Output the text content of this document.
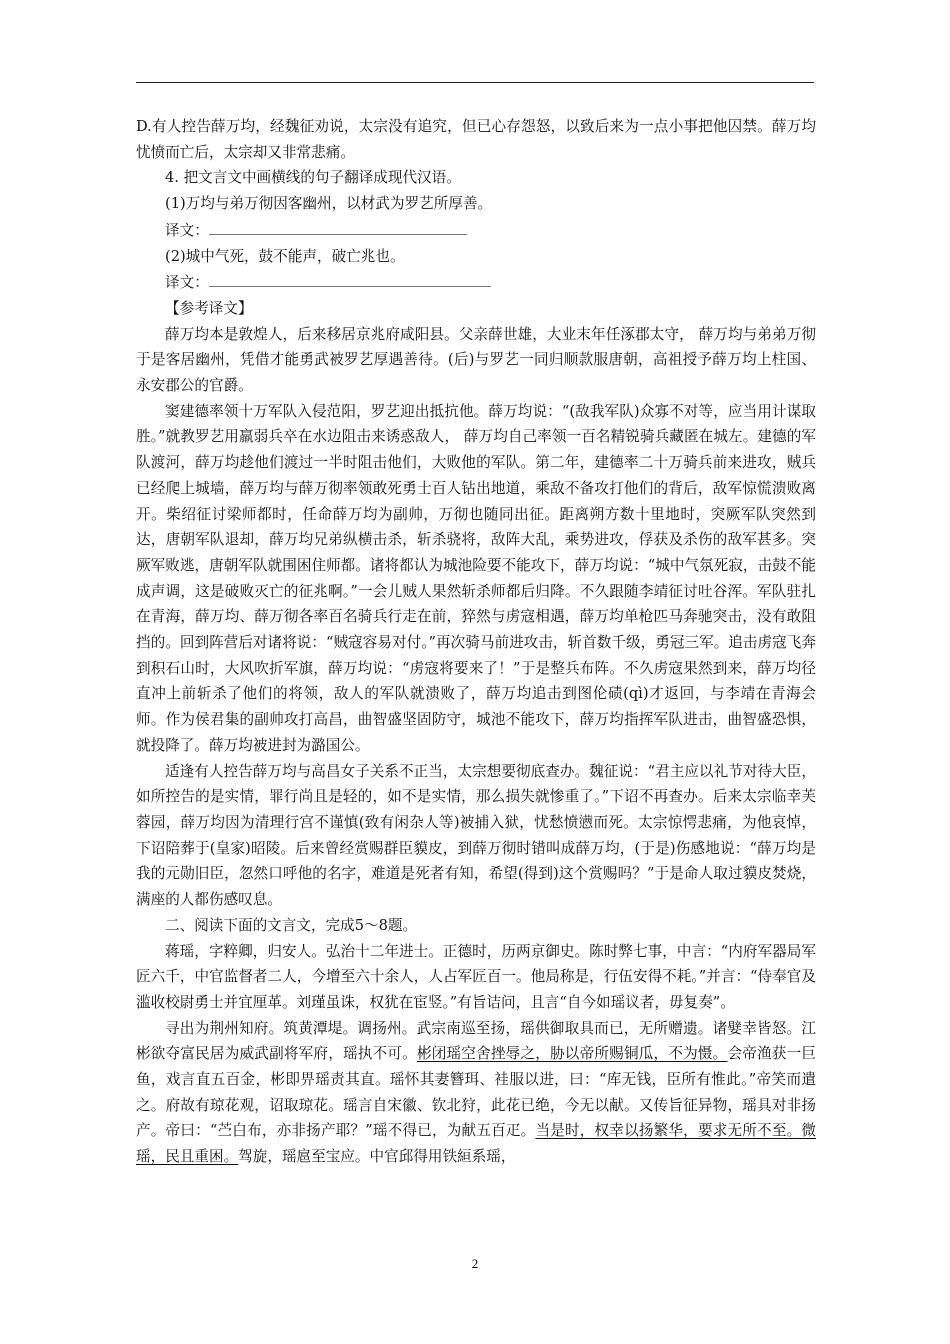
D.有人控告薛万均，经魏征劝说，太宗没有追究，但已心存怨怒，以致后来为一点小事把他囚禁。薛万均忧愤而亡后，太宗却又非常悲痛。

4. 把文言文中画横线的句子翻译成现代汉语。

(1)万均与弟万彻因客幽州，以材武为罗艺所厚善。

译文：

(2)城中气死，鼓不能声，破亡兆也。

译文：

【参考译文】

薛万均本是敦煌人，后来移居京兆府咸阳县。父亲薛世雄，大业末年任涿郡太守， 薛万均与弟弟万彻于是客居幽州，凭借才能勇武被罗艺厚遇善待。(后)与罗艺一同归顺款服唐朝，高祖授予薛万均上柱国、永安郡公的官爵。

窦建德率领十万军队入侵范阳，罗艺迎出抵抗他。薛万均说：“(敌我军队)众寡不对等，应当用计谋取胜。”就教罗艺用羸弱兵卒在水边阻击来诱惑敌人， 薛万均自己率领一百名精锐骑兵藏匿在城左。建德的军队渡河，薛万均趁他们渡过一半时阻击他们，大败他的军队。第二年，建德率二十万骑兵前来进攻，贼兵已经爬上城墙，薛万均与薛万彻率领敢死勇士百人钻出地道，乘敌不备攻打他们的背后，敌军惊慌溃败离开。柴绍征讨梁师都时，任命薛万均为副帅，万彻也随同出征。距离朔方数十里地时，突厥军队突然到达，唐朝军队退却，薛万均兄弟纵横击杀，斩杀骁将，敌阵大乱，乘势进攻，俘获及杀伤的敌军甚多。突厥军败逃，唐朝军队就围困住师都。诸将都认为城池险要不能攻下，薛万均说：“城中气氛死寂，击鼓不能成声调，这是破败灭亡的征兆啊。”一会儿贼人果然斩杀师都后归降。不久跟随李靖征讨吐谷浑。军队驻扎在青海，薛万均、薛万彻各率百名骑兵行走在前，猝然与虏寇相遇，薛万均单枪匹马奔驰突击，没有敢阻挡的。回到阵营后对诸将说：“贼寇容易对付。”再次骑马前进攻击，斩首数千级，勇冠三军。追击虏寇飞奔到积石山时，大风吹折军旗，薛万均说：“虏寇将要来了！”于是整兵布阵。不久虏寇果然到来，薛万均径直冲上前斩杀了他们的将领，敌人的军队就溃败了，薛万均追击到图伦碛(qì)才返回，与李靖在青海会师。作为侯君集的副帅攻打高昌，曲智盛坚固防守，城池不能攻下，薛万均指挥军队进击，曲智盛恐惧，就投降了。薛万均被进封为潞国公。

适逢有人控告薛万均与高昌女子关系不正当，太宗想要彻底查办。魏征说：“君主应以礼节对待大臣，如所控告的是实情，罪行尚且是轻的，如不是实情，那么损失就惨重了。”下诏不再查办。后来太宗临幸芙蓉园，薛万均因为清理行宫不谨慎(致有闲杂人等)被捕入狱，忧愁愤懑而死。太宗惊愕悲痛，为他哀悼，下诏陪葬于(皇家)昭陵。后来曾经赏赐群臣貘皮，到薛万彻时错叫成薛万均，(于是)伤感地说：“薛万均是我的元勋旧臣，忽然口呼他的名字，难道是死者有知，希望(得到)这个赏赐吗？”于是命人取过貘皮焚烧，满座的人都伤感叹息。

二、阅读下面的文言文，完成5～8题。

蒋瑶，字粹卿，归安人。弘治十二年进士。正德时，历两京御史。陈时弊七事，中言：“内府军器局军匠六千，中官监督者二人，今增至六十余人，人占军匠百一。他局称是，行伍安得不耗。”并言：“侍奉官及滥收校尉勇士并宜厘革。刘瑾虽诛，权犹在宦竖。”有旨诘问，且言“自今如瑶议者，毋复奏”。

寻出为荆州知府。筑黄潭堤。调扬州。武宗南巡至扬，瑶供御取具而已，无所赠遗。诸嬖幸皆怒。江彬欲夺富民居为威武副将军府，瑶执不可。彬闭瑶空舍挫辱之，胁以帝所赐铜瓜，不为慑。会帝渔获一巨鱼，戏言直五百金，彬即畀瑶责其直。瑶怀其妻簪珥、袿服以进，曰：“库无钱，臣所有惟此。”帝笑而遣之。府故有琼花观，诏取琼花。瑶言自宋徽、钦北狩，此花已绝，今无以献。又传旨征异物，瑶具对非扬产。帝曰：“苎白布，亦非扬产耶？”瑶不得已，为献五百疋。当是时，权幸以扬繁华，要求无所不至。微瑶，民且重困。驾旋，瑶扈至宝应。中官邱得用铁絙系瑶，

2
